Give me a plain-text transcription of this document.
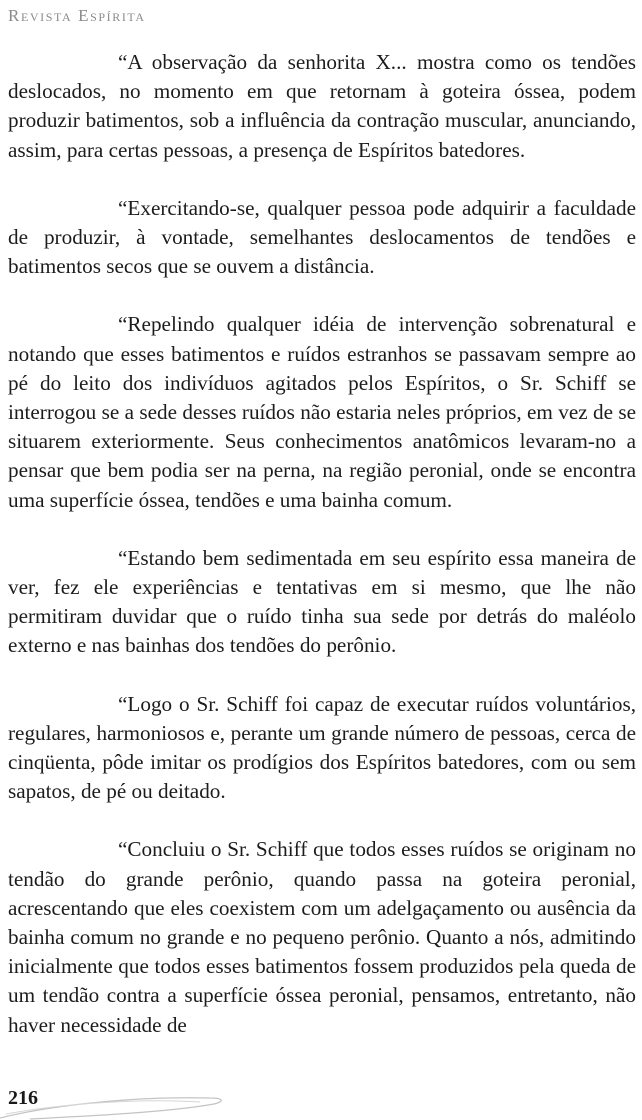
Revista Espírita

“A observação da senhorita X... mostra como os tendões deslocados, no momento em que retornam à goteira óssea, podem produzir batimentos, sob a influência da contração muscular, anunciando, assim, para certas pessoas, a presença de Espíritos batedores.

“Exercitando-se, qualquer pessoa pode adquirir a faculdade de produzir, à vontade, semelhantes deslocamentos de tendões e batimentos secos que se ouvem a distância.

“Repelindo qualquer idéia de intervenção sobrenatural e notando que esses batimentos e ruídos estranhos se passavam sempre ao pé do leito dos indivíduos agitados pelos Espíritos, o Sr. Schiff se interrogou se a sede desses ruídos não estaria neles próprios, em vez de se situarem exteriormente. Seus conhecimentos anatômicos levaram-no a pensar que bem podia ser na perna, na região peronial, onde se encontra uma superfície óssea, tendões e uma bainha comum.

“Estando bem sedimentada em seu espírito essa maneira de ver, fez ele experiências e tentativas em si mesmo, que lhe não permitiram duvidar que o ruído tinha sua sede por detrás do maléolo externo e nas bainhas dos tendões do perônio.

“Logo o Sr. Schiff foi capaz de executar ruídos voluntários, regulares, harmoniosos e, perante um grande número de pessoas, cerca de cinqüenta, pôde imitar os prodígios dos Espíritos batedores, com ou sem sapatos, de pé ou deitado.

“Concluiu o Sr. Schiff que todos esses ruídos se originam no tendão do grande perônio, quando passa na goteira peronial, acrescentando que eles coexistem com um adelgaçamento ou ausência da bainha comum no grande e no pequeno perônio. Quanto a nós, admitindo inicialmente que todos esses batimentos fossem produzidos pela queda de um tendão contra a superfície óssea peronial, pensamos, entretanto, não haver necessidade de

216
